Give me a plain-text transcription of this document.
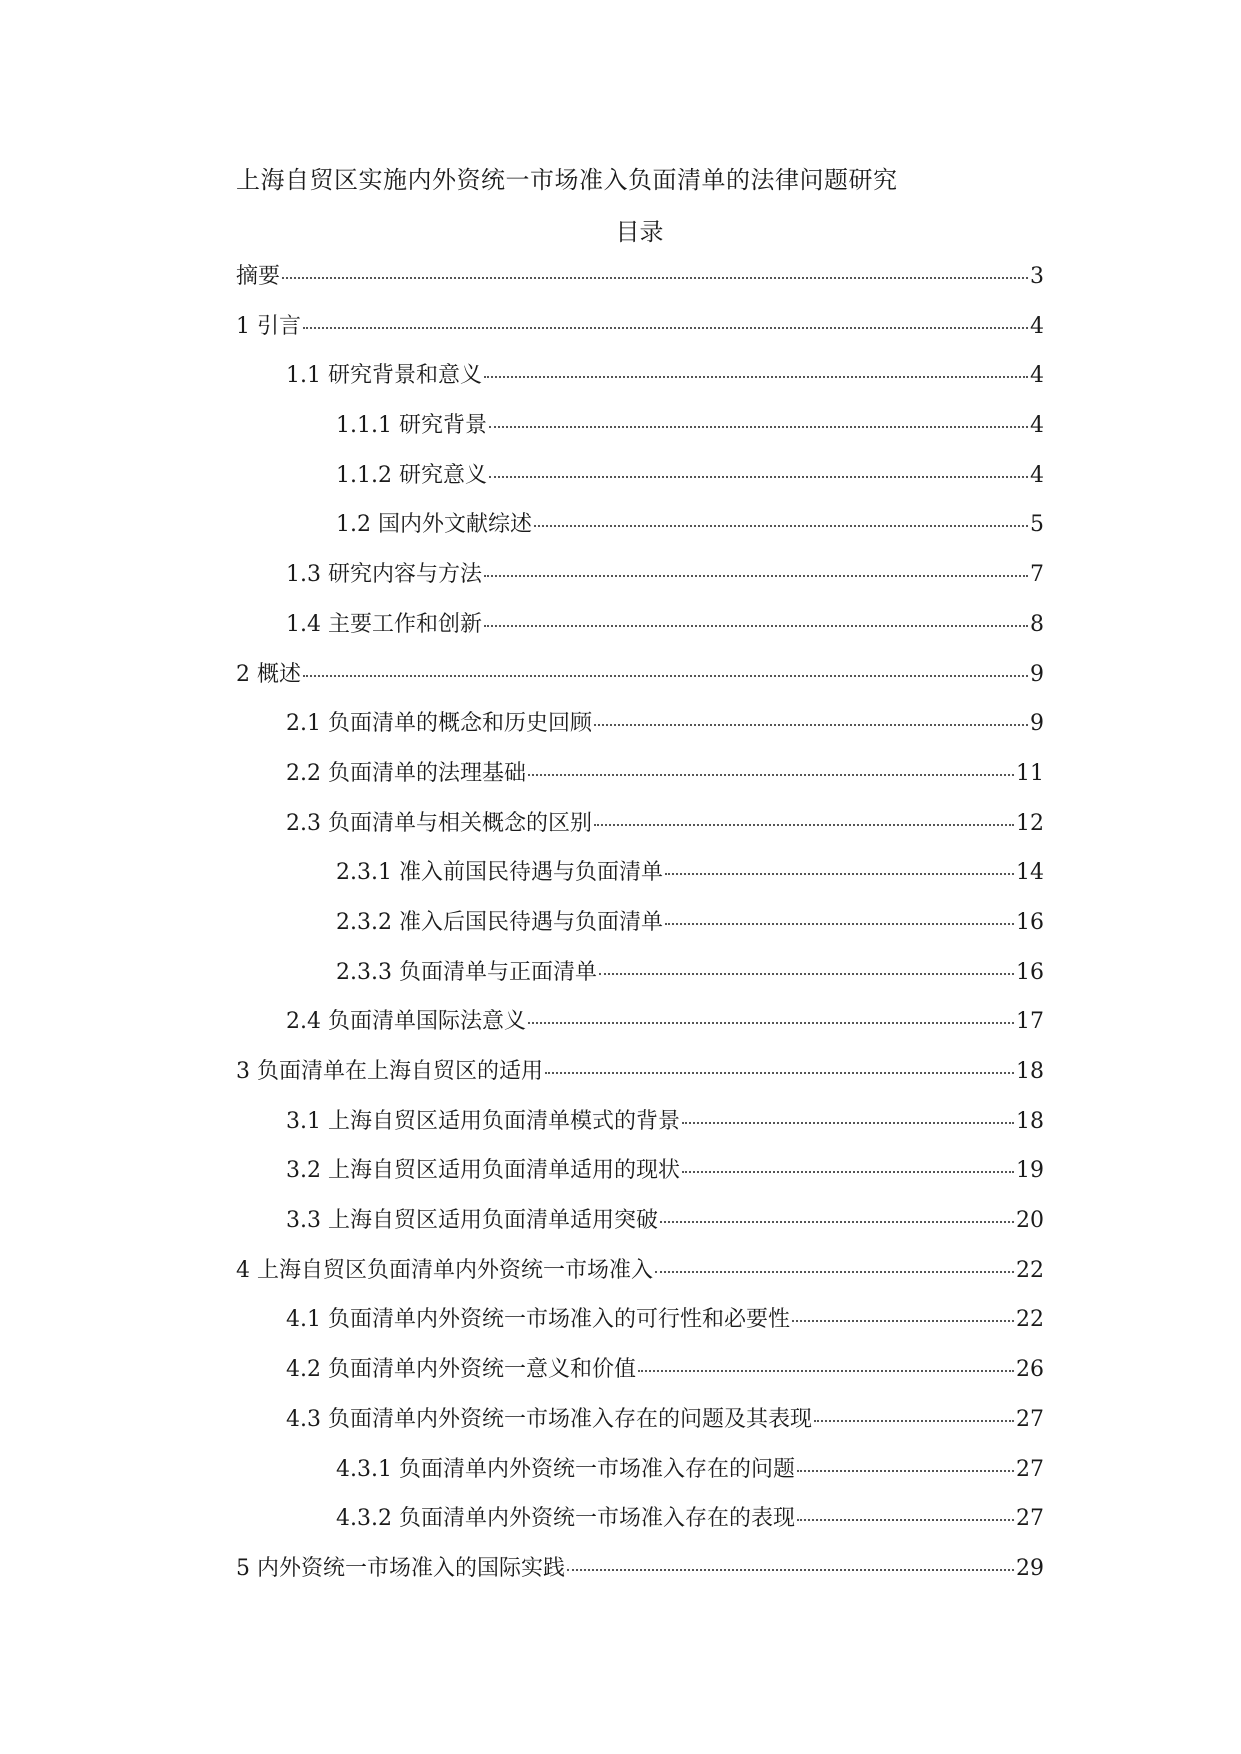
上海自贸区实施内外资统一市场准入负面清单的法律问题研究
目录
摘要	3
1 引言	4
1.1 研究背景和意义	4
1.1.1 研究背景	4
1.1.2 研究意义	4
1.2 国内外文献综述	5
1.3 研究内容与方法	7
1.4 主要工作和创新	8
2 概述	9
2.1 负面清单的概念和历史回顾	9
2.2 负面清单的法理基础	11
2.3 负面清单与相关概念的区别	12
2.3.1 准入前国民待遇与负面清单	14
2.3.2 准入后国民待遇与负面清单	16
2.3.3 负面清单与正面清单	16
2.4 负面清单国际法意义	17
3 负面清单在上海自贸区的适用	18
3.1 上海自贸区适用负面清单模式的背景	18
3.2 上海自贸区适用负面清单适用的现状	19
3.3 上海自贸区适用负面清单适用突破	20
4 上海自贸区负面清单内外资统一市场准入	22
4.1 负面清单内外资统一市场准入的可行性和必要性	22
4.2 负面清单内外资统一意义和价值	26
4.3 负面清单内外资统一市场准入存在的问题及其表现	27
4.3.1 负面清单内外资统一市场准入存在的问题	27
4.3.2 负面清单内外资统一市场准入存在的表现	27
5 内外资统一市场准入的国际实践	29
